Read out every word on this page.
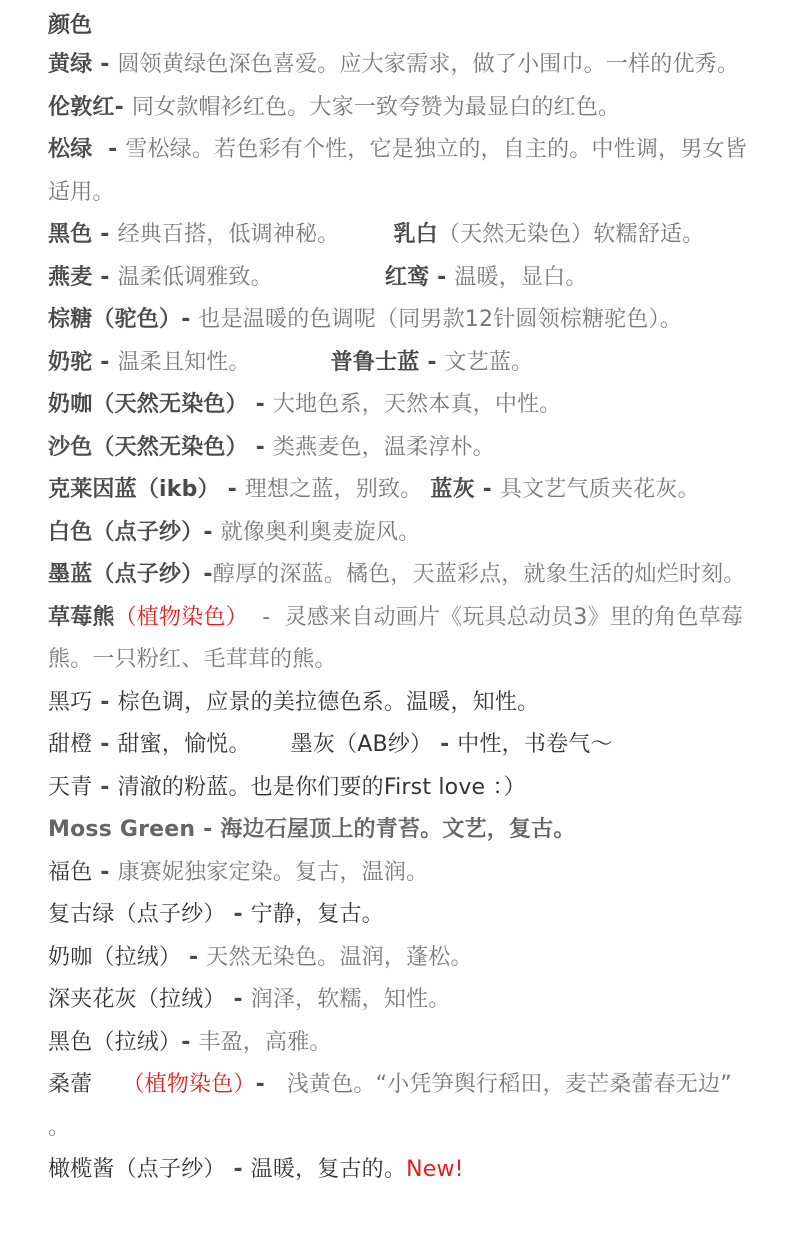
颜色

黄绿 - 圆领黄绿色深色喜爱。应大家需求，做了小围巾。一样的优秀。

伦敦红- 同女款帽衫红色。大家一致夸赞为最显白的红色。

松绿  - 雪松绿。若色彩有个性，它是独立的，自主的。中性调，男女皆适用。

黑色 - 经典百搭，低调神秘。 乳白（天然无染色）软糯舒适。

燕麦 - 温柔低调雅致。	红鸾 - 温暖，显白。

棕糖（驼色）- 也是温暖的色调呢（同男款12针圆领棕糖驼色）。

奶驼 - 温柔且知性。	普鲁士蓝 - 文艺蓝。

奶咖（天然无染色） - 大地色系，天然本真，中性。

沙色（天然无染色） - 类燕麦色，温柔淳朴。

克莱因蓝（ikb） - 理想之蓝，别致。 蓝灰 - 具文艺气质夹花灰。

白色（点子纱）- 就像奥利奥麦旋风。

墨蓝（点子纱）-醇厚的深蓝。橘色，天蓝彩点，就象生活的灿烂时刻。

草莓熊（植物染色）  -  灵感来自动画片《玩具总动员3》里的角色草莓熊。一只粉红、毛茸茸的熊。

黑巧 - 棕色调，应景的美拉德色系。温暖，知性。

甜橙 - 甜蜜，愉悦。 墨灰（AB纱） - 中性，书卷气～

天青 - 清澈的粉蓝。也是你们要的First love ：）

Moss Green - 海边石屋顶上的青苔。文艺，复古。

福色 - 康赛妮独家定染。复古，温润。

复古绿（点子纱） - 宁静，复古。

奶咖（拉绒） - 天然无染色。温润，蓬松。

深夹花灰（拉绒） - 润泽，软糯，知性。

黑色（拉绒）- 丰盈，高雅。

桑蕾 （植物染色）- 浅黄色。“小凭笋舆行稻田，麦芒桑蕾春无边” 。

橄榄酱（点子纱） - 温暖，复古的。New!
